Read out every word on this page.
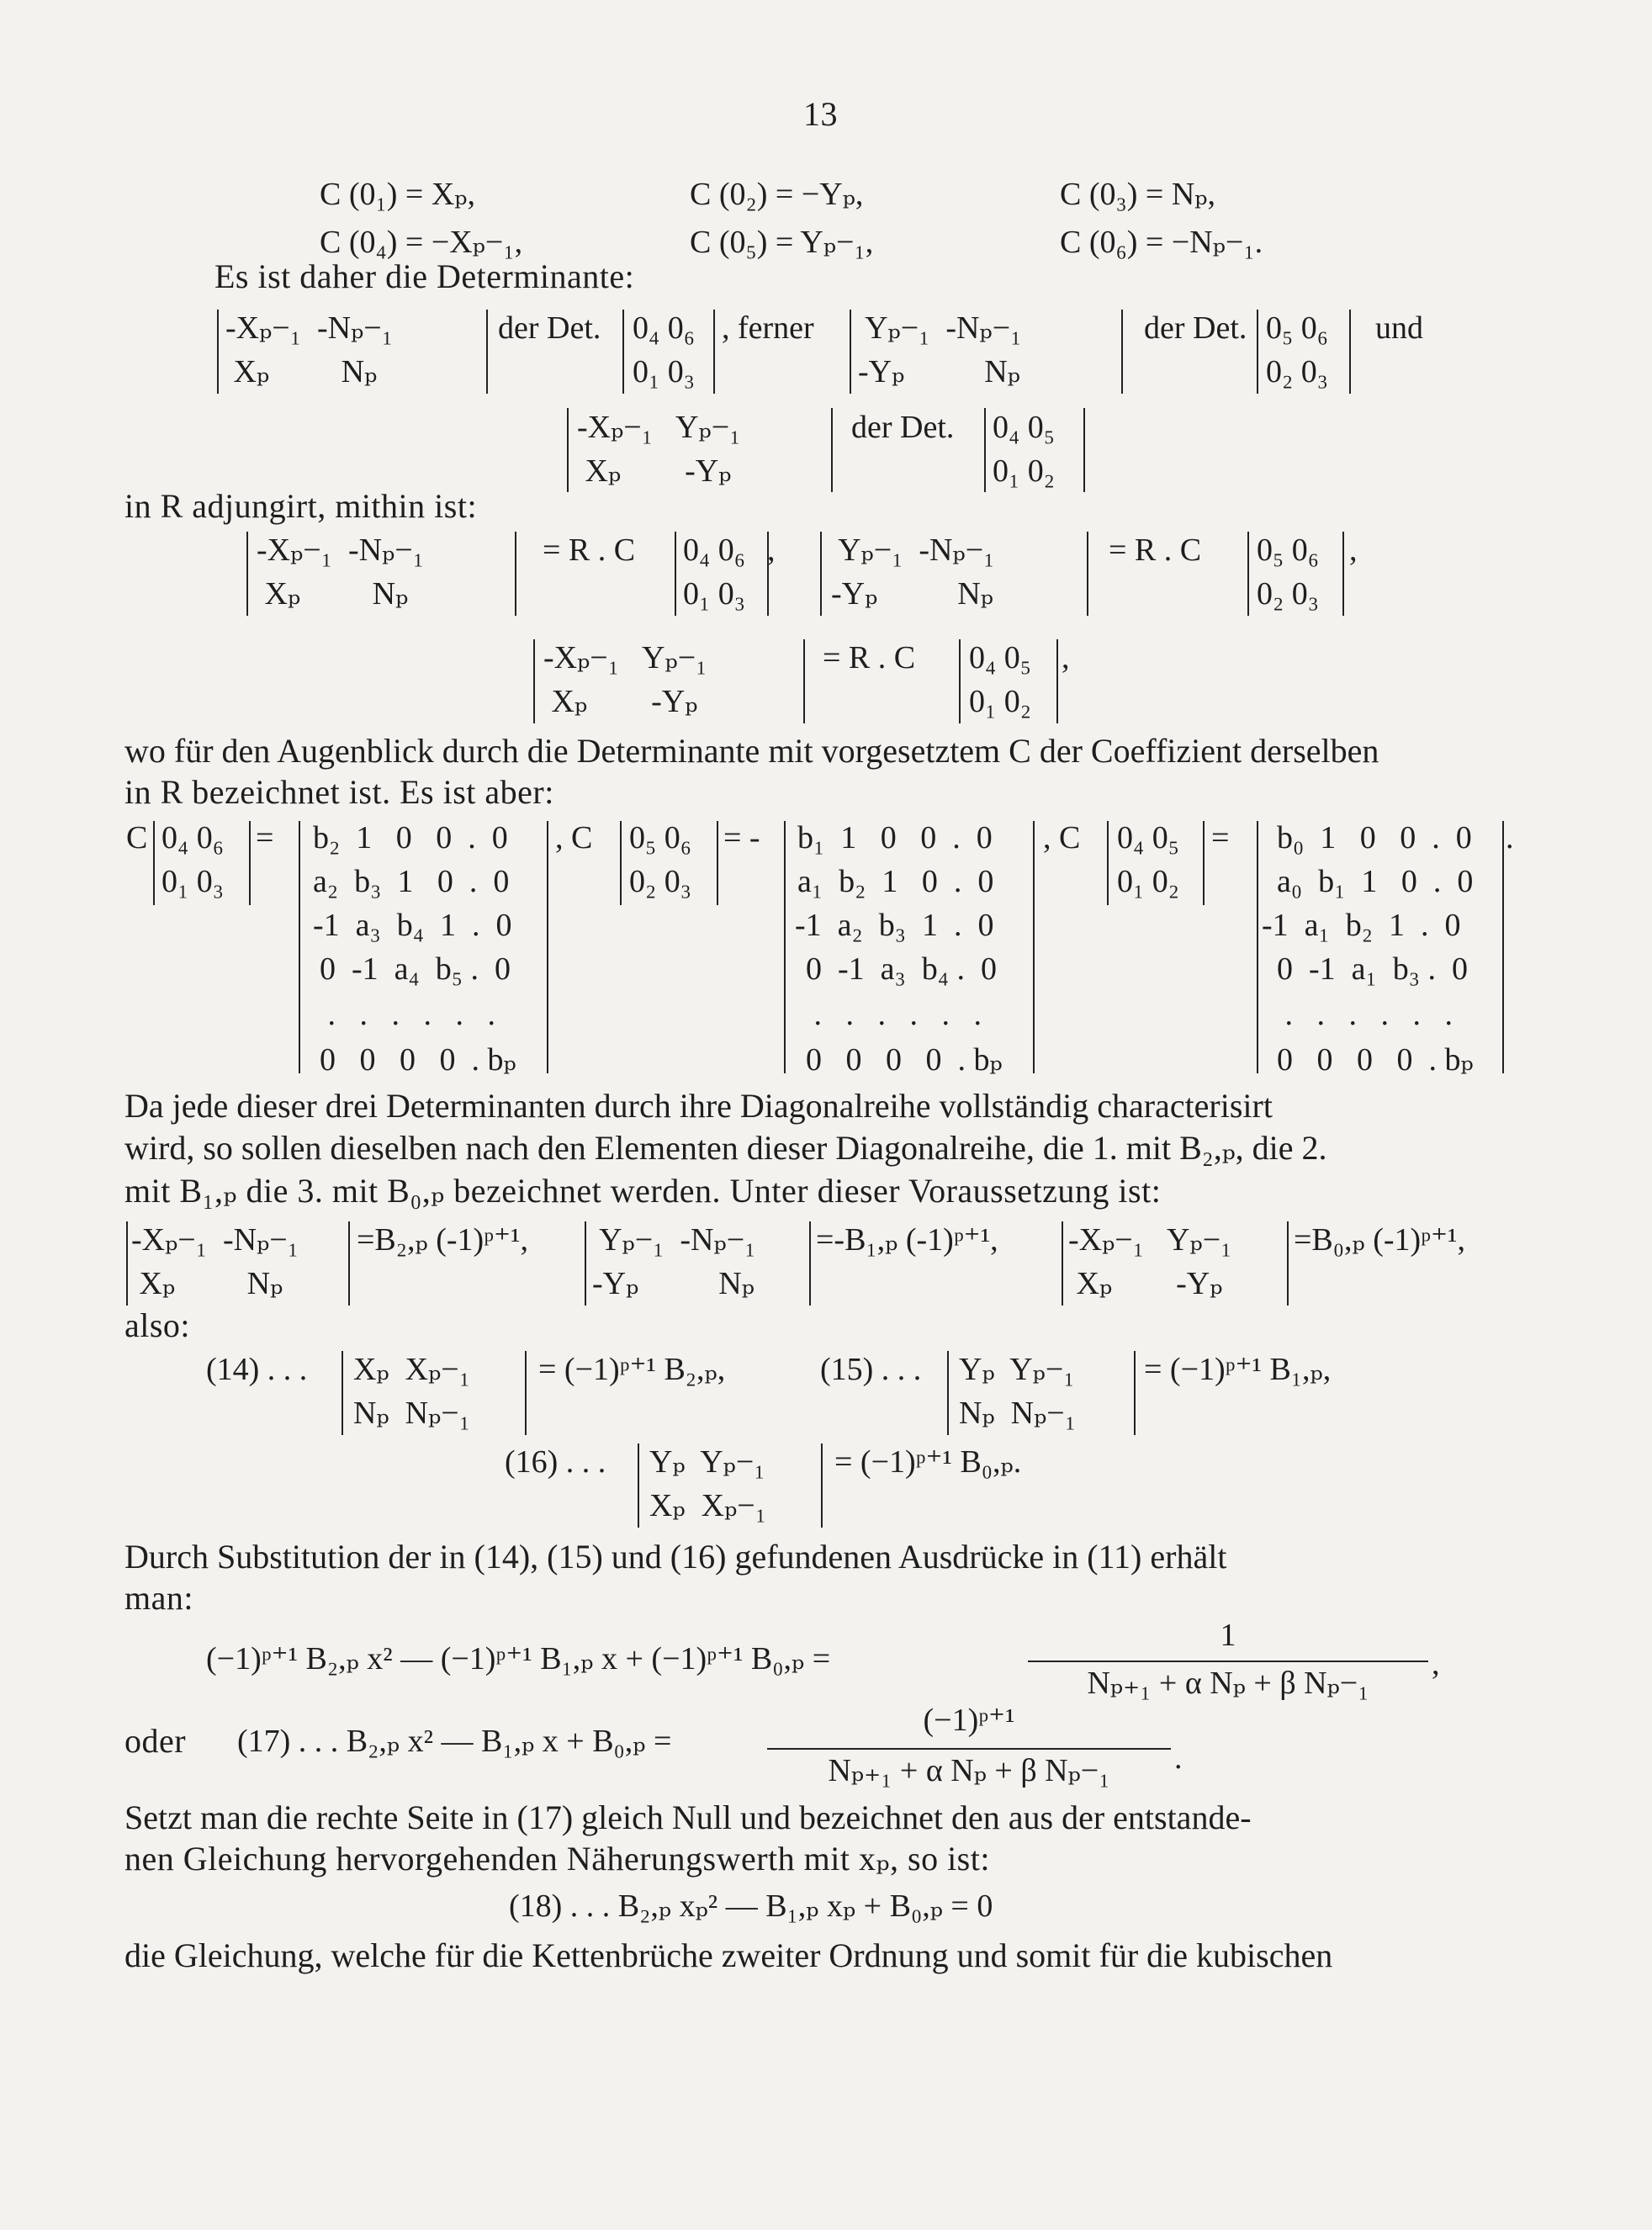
13
C (0₁) = Xₚ,	C (0₂) = −Yₚ,	C (0₃) = Nₚ,
C (0₄) = −Xₚ−₁,	C (0₅) = Yₚ−₁,	C (0₆) = −Nₚ−₁.
Es ist daher die Determinante:
-Xₚ−₁  -Nₚ−₁
Xₚ         Nₚ
der Det. 0₄ 0₆
0₁ 0₃
, ferner Yₚ−₁  -Nₚ−₁
-Yₚ          Nₚ
der Det. 0₅ 0₆
0₂ 0₃
und
-Xₚ−₁   Yₚ−₁
Xₚ        -Yₚ
der Det. 0₄ 0₅
0₁ 0₂
in R adjungirt, mithin ist:
-Xₚ−₁  -Nₚ−₁
Xₚ         Nₚ
= R . C 0₄ 0₆
0₁ 0₃
, Yₚ−₁  -Nₚ−₁
-Yₚ          Nₚ
= R . C 0₅ 0₆
0₂ 0₃
,
-Xₚ−₁   Yₚ−₁
Xₚ        -Yₚ
= R . C 0₄ 0₅
0₁ 0₂
,
wo für den Augenblick durch die Determinante mit vorgesetztem C der Coeffizient derselben
in R bezeichnet ist. Es ist aber:
C 0₄ 0₆
0₁ 0₃
= b₂  1   0   0  .  0
a₂  b₃  1   0  .  0
-1  a₃  b₄  1  .  0
0  -1  a₄  b₅ .  0
.   .   .   .   .   .
0   0   0   0  . bₚ
, C 0₅ 0₆
0₂ 0₃
= - b₁  1   0   0  .  0
a₁  b₂  1   0  .  0
-1  a₂  b₃  1  .  0
0  -1  a₃  b₄ .  0
.   .   .   .   .   .
0   0   0   0  . bₚ
, C 0₄ 0₅
0₁ 0₂
= b₀  1   0   0  .  0
a₀  b₁  1   0  .  0
-1  a₁  b₂  1  .  0
0  -1  a₁  b₃ .  0
.   .   .   .   .   .
0   0   0   0  . bₚ
.
Da jede dieser drei Determinanten durch ihre Diagonalreihe vollständig characterisirt
wird, so sollen dieselben nach den Elementen dieser Diagonalreihe, die 1. mit B₂,ₚ, die 2.
mit B₁,ₚ die 3. mit B₀,ₚ bezeichnet werden. Unter dieser Voraussetzung ist:
-Xₚ−₁  -Nₚ−₁
Xₚ         Nₚ
=B₂,ₚ (-1)ᵖ⁺¹, Yₚ−₁  -Nₚ−₁
-Yₚ          Nₚ
=-B₁,ₚ (-1)ᵖ⁺¹, -Xₚ−₁   Yₚ−₁
Xₚ        -Yₚ
=B₀,ₚ (-1)ᵖ⁺¹,
also:
(14) . . . Xₚ  Xₚ−₁
Nₚ  Nₚ−₁
= (−1)ᵖ⁺¹ B₂,ₚ,	(15) . . . Yₚ  Yₚ−₁
Nₚ  Nₚ−₁
= (−1)ᵖ⁺¹ B₁,ₚ,
(16) . . . Yₚ  Yₚ−₁
Xₚ  Xₚ−₁
= (−1)ᵖ⁺¹ B₀,ₚ.
Durch Substitution der in (14), (15) und (16) gefundenen Ausdrücke in (11) erhält
man:
(−1)ᵖ⁺¹ B₂,ₚ x² — (−1)ᵖ⁺¹ B₁,ₚ x + (−1)ᵖ⁺¹ B₀,ₚ =
1
Nₚ₊₁ + α Nₚ + β Nₚ−₁
,
oder (17) . . . B₂,ₚ x² — B₁,ₚ x + B₀,ₚ =
(−1)ᵖ⁺¹
Nₚ₊₁ + α Nₚ + β Nₚ−₁	.
Setzt man die rechte Seite in (17) gleich Null und bezeichnet den aus der entstande-
nen Gleichung hervorgehenden Näherungswerth mit xₚ, so ist:
(18) . . . B₂,ₚ xₚ² — B₁,ₚ xₚ + B₀,ₚ = 0
die Gleichung, welche für die Kettenbrüche zweiter Ordnung und somit für die kubischen
